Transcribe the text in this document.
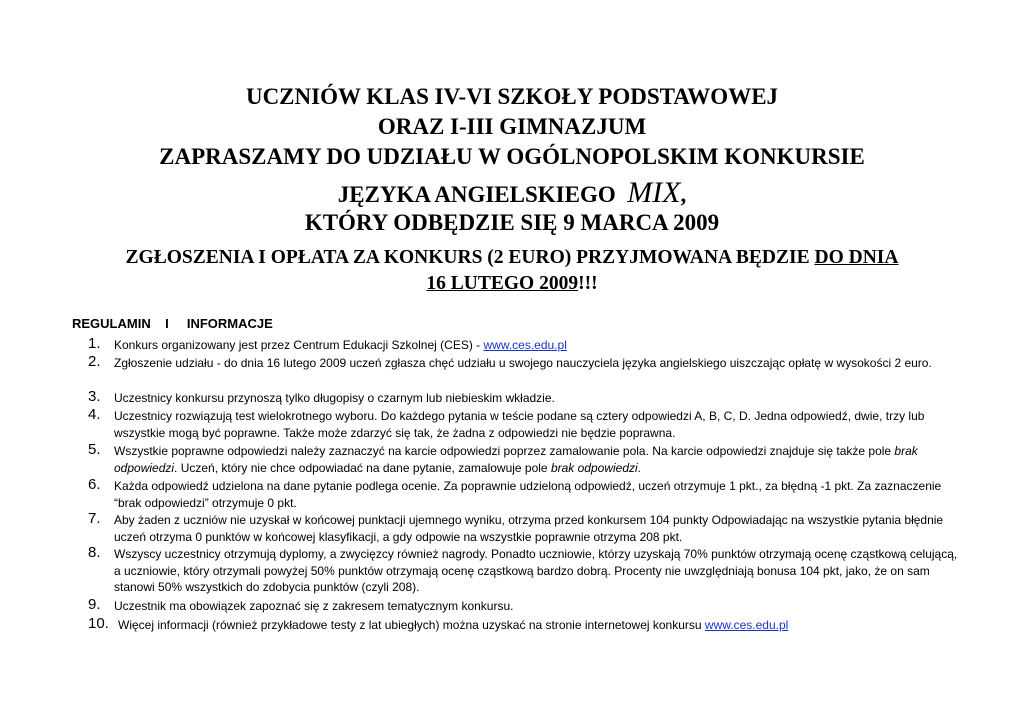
UCZNIÓW KLAS IV-VI SZKOŁY PODSTAWOWEJ
ORAZ I-III GIMNAZJUM
ZAPRASZAMY DO UDZIAŁU W OGÓLNOPOLSKIM KONKURSIE
JĘZYKA ANGIELSKIEGO MIX,
KTÓRY ODBĘDZIE SIĘ 9 MARCA 2009
ZGŁOSZENIA I OPŁATA ZA KONKURS (2 EURO) PRZYJMOWANA BĘDZIE DO DNIA
16 LUTEGO 2009!!!
REGULAMIN    I     INFORMACJE
1.	Konkurs organizowany jest przez Centrum Edukacji Szkolnej (CES) - www.ces.edu.pl
2.	Zgłoszenie udziału - do dnia 16 lutego 2009 uczeń zgłasza chęć udziału u swojego nauczyciela języka angielskiego uiszczając opłatę w wysokości 2 euro.
3.	Uczestnicy konkursu przynoszą tylko długopisy o czarnym lub niebieskim wkładzie.
4.	Uczestnicy rozwiązują test wielokrotnego wyboru. Do każdego pytania w teście podane są cztery odpowiedzi A, B, C, D. Jedna odpowiedź, dwie, trzy lub wszystkie mogą być poprawne. Także może zdarzyć się tak, że żadna z odpowiedzi nie będzie poprawna.
5.	Wszystkie poprawne odpowiedzi należy zaznaczyć na karcie odpowiedzi poprzez zamalowanie pola. Na karcie odpowiedzi znajduje się także pole brak odpowiedzi. Uczeń, który nie chce odpowiadać na dane pytanie, zamalowuje pole brak odpowiedzi.
6.	Każda odpowiedź udzielona na dane pytanie podlega ocenie. Za poprawnie udzieloną odpowiedź, uczeń otrzymuje 1 pkt., za błędną -1 pkt. Za zaznaczenie “brak odpowiedzi” otrzymuje 0 pkt.
7.	Aby żaden z uczniów nie uzyskał w końcowej punktacji ujemnego wyniku, otrzyma przed konkursem 104 punkty Odpowiadając na wszystkie pytania błędnie uczeń otrzyma 0 punktów w końcowej klasyfikacji, a gdy odpowie na wszystkie poprawnie otrzyma 208 pkt.
8.	Wszyscy uczestnicy otrzymują dyplomy, a zwycięzcy również nagrody. Ponadto uczniowie, którzy uzyskają 70% punktów otrzymają ocenę cząstkową celującą, a uczniowie, który otrzymali powyżej 50% punktów otrzymają ocenę cząstkową bardzo dobrą. Procenty nie uwzględniają bonusa 104 pkt, jako, że on sam stanowi 50% wszystkich do zdobycia punktów (czyli 208).
9.	Uczestnik ma obowiązek zapoznać się z zakresem tematycznym konkursu.
10. Więcej informacji (również przykładowe testy z lat ubiegłych) można uzyskać na stronie internetowej konkursu www.ces.edu.pl
